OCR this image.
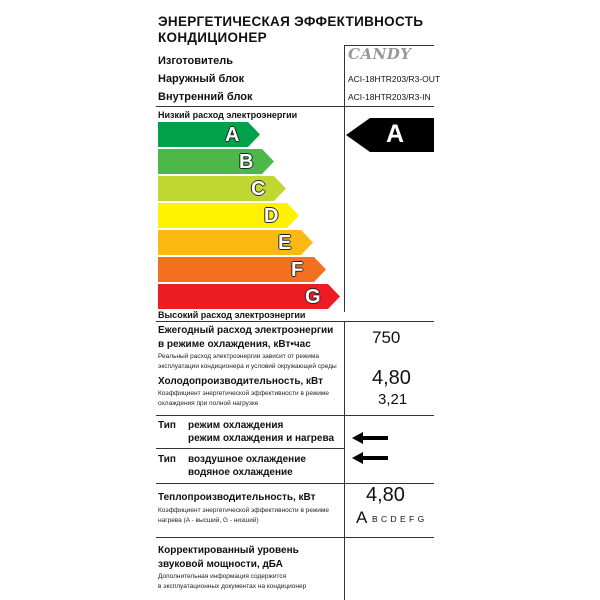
ЭНЕРГЕТИЧЕСКАЯ ЭФФЕКТИВНОСТЬ
КОНДИЦИОНЕР
Изготовитель
Наружный блок
Внутренний блок
CANDY
ACI-18HTR203/R3-OUT
ACI-18HTR203/R3-IN
Низкий расход электроэнергии
A
B
C
D
E
F
G
A
Высокий расход электроэнергии
Ежегодный расход электроэнергии
в режиме охлаждения, кВт•час
Реальный расход электроэнергии зависит от режима
эксплуатации кондиционера и условий окружающей среды
750
Холодопроизводительность, кВт
Коэффициент энергетической эффективности в режиме
охлаждения при полной нагрузке
4,80
3,21
Тип режим охлаждения
режим охлаждения и нагрева
Тип воздушное охлаждение
водяное охлаждение
Теплопроизводительность, кВт
Коэффициент энергетической эффективности в режиме
нагрева (A - высший, G - низший)
4,80
A B C D E F G
Корректированный уровень
звуковой мощности, дБА
Дополнительная информация содержится
в эксплуатационных документах на кондиционер
